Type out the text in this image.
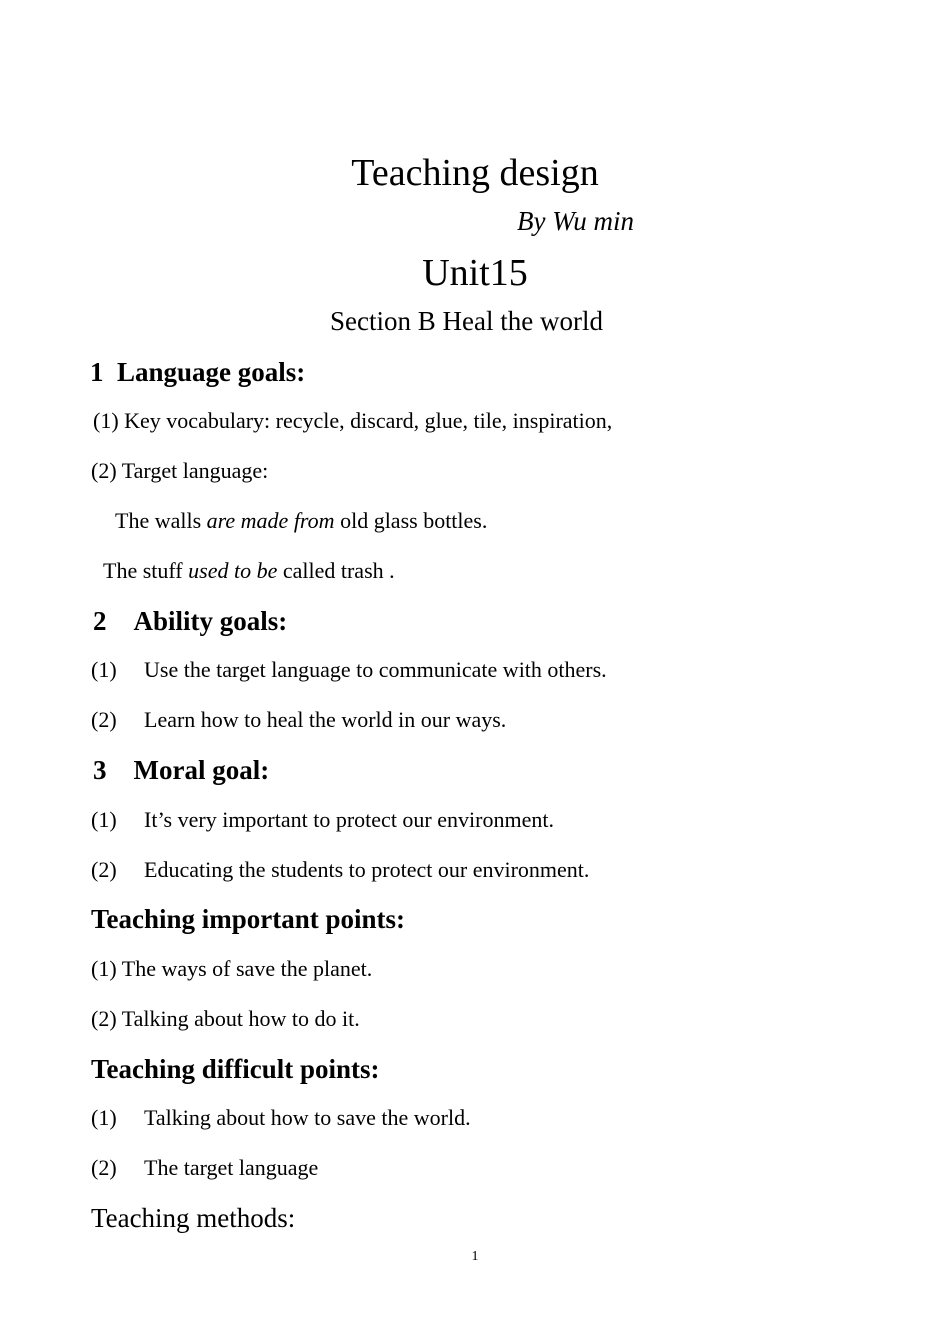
Teaching design
By Wu min
Unit15
Section B Heal the world
1 Language goals:
(1) Key vocabulary: recycle, discard, glue, tile, inspiration,
(2) Target language:
The walls are made from old glass bottles.
The stuff used to be called trash .
2 Ability goals:
(1) Use the target language to communicate with others.
(2) Learn how to heal the world in our ways.
3 Moral goal:
(1) It’s very important to protect our environment.
(2) Educating the students to protect our environment.
Teaching important points:
(1) The ways of save the planet.
(2) Talking about how to do it.
Teaching difficult points:
(1) Talking about how to save the world.
(2) The target language
Teaching methods:
1
